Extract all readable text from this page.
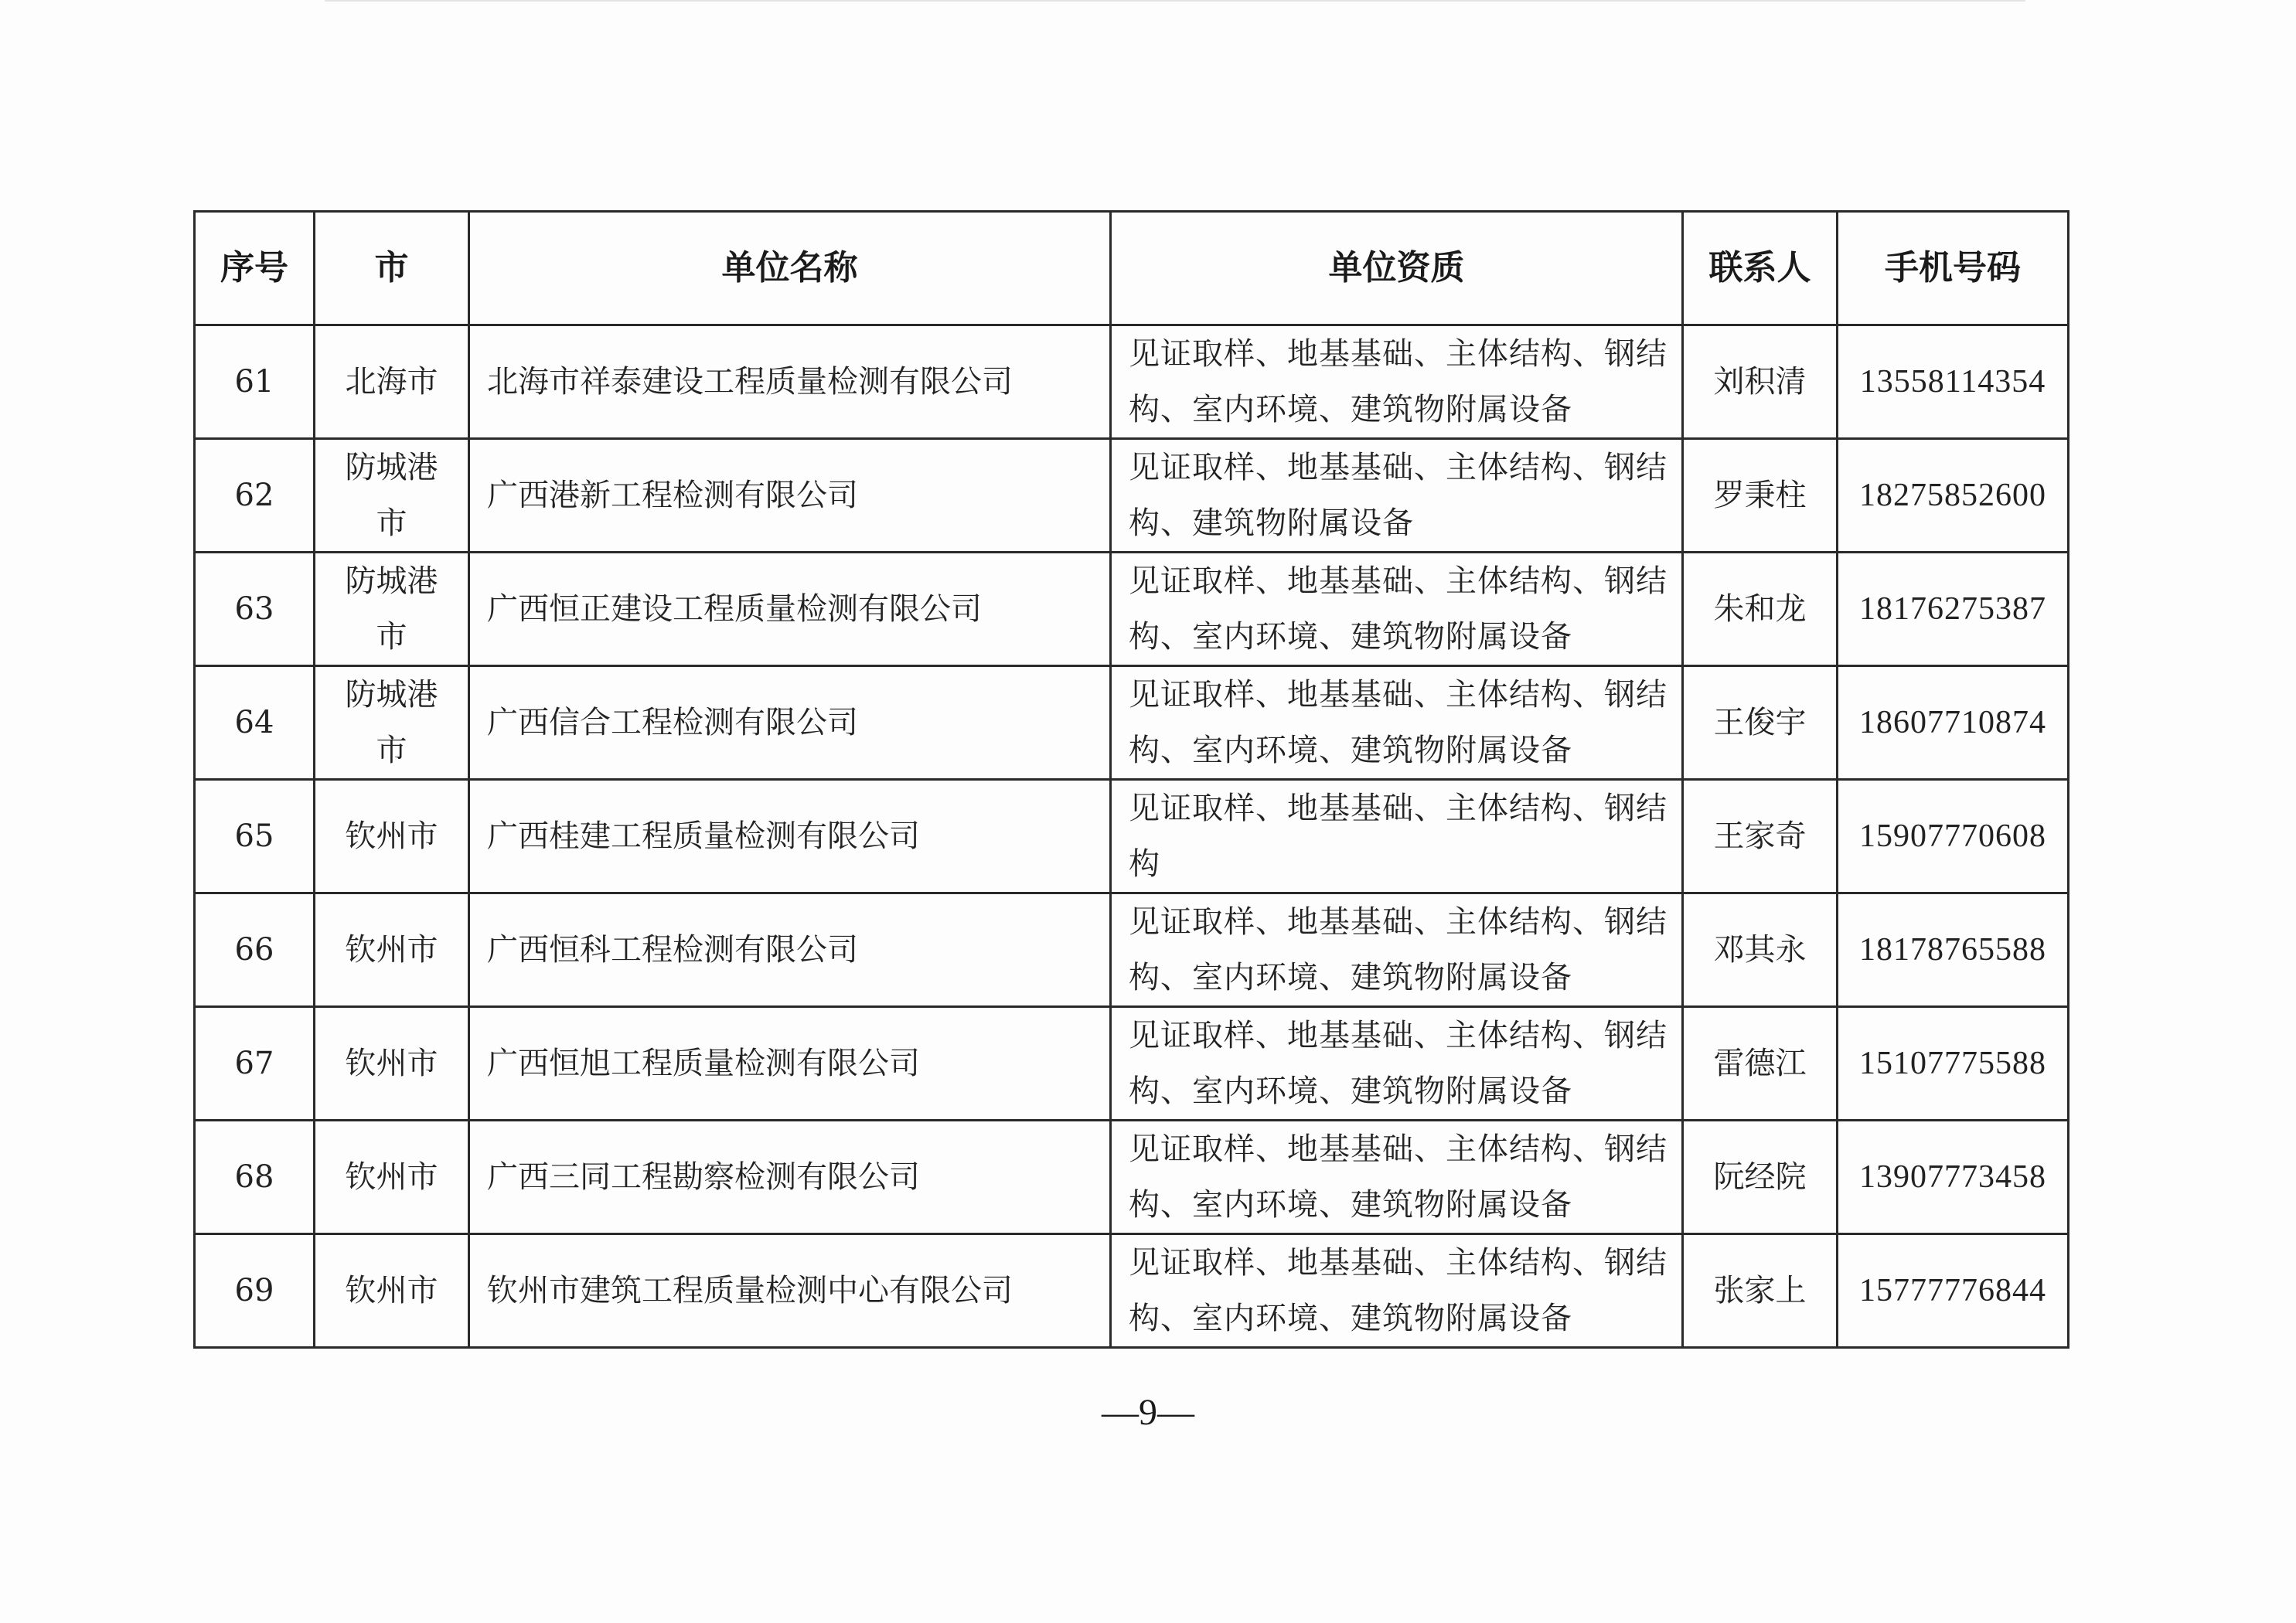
序号	市	单位名称	单位资质	联系人	手机号码
61	北海市	北海市祥泰建设工程质量检测有限公司	见证取样、地基基础、主体结构、钢结构、室内环境、建筑物附属设备	刘积清	13558114354
62	防城港市	广西港新工程检测有限公司	见证取样、地基基础、主体结构、钢结构、建筑物附属设备	罗秉柱	18275852600
63	防城港市	广西恒正建设工程质量检测有限公司	见证取样、地基基础、主体结构、钢结构、室内环境、建筑物附属设备	朱和龙	18176275387
64	防城港市	广西信合工程检测有限公司	见证取样、地基基础、主体结构、钢结构、室内环境、建筑物附属设备	王俊宇	18607710874
65	钦州市	广西桂建工程质量检测有限公司	见证取样、地基基础、主体结构、钢结构	王家奇	15907770608
66	钦州市	广西恒科工程检测有限公司	见证取样、地基基础、主体结构、钢结构、室内环境、建筑物附属设备	邓其永	18178765588
67	钦州市	广西恒旭工程质量检测有限公司	见证取样、地基基础、主体结构、钢结构、室内环境、建筑物附属设备	雷德江	15107775588
68	钦州市	广西三同工程勘察检测有限公司	见证取样、地基基础、主体结构、钢结构、室内环境、建筑物附属设备	阮经院	13907773458
69	钦州市	钦州市建筑工程质量检测中心有限公司	见证取样、地基基础、主体结构、钢结构、室内环境、建筑物附属设备	张家上	15777776844
—9—
